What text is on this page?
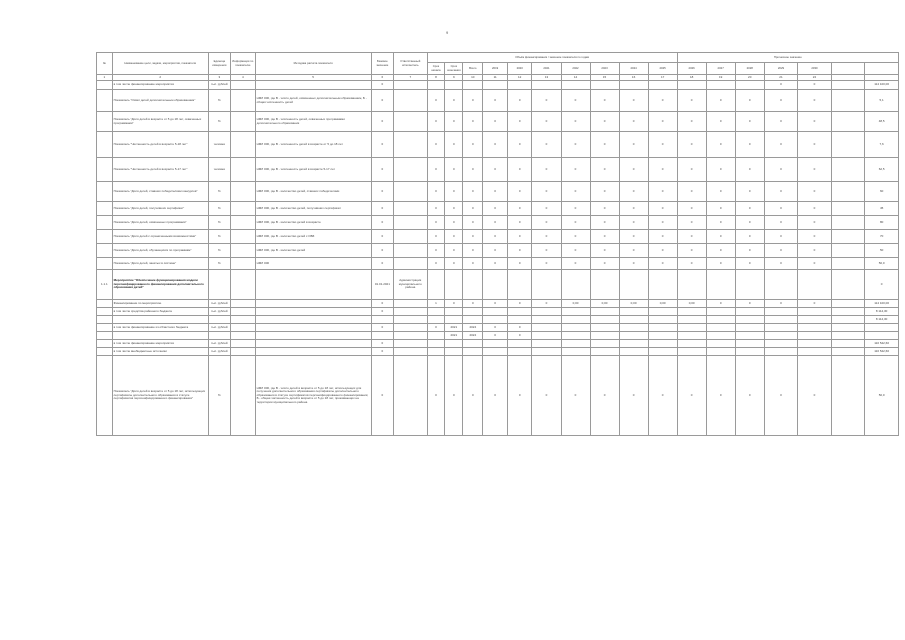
9
№	Наименование цели, задачи, мероприятия, показателя	Единица измерения	Информация по показателю	Методика расчёта показателя	Базовое значение	Ответственный исполнитель	Объём финансирования / значение показателя по годам										Прогнозное значение						
							Срок начала	Срок окончания	Всего	2019	2020	2021	2022	2023	2024	2025	2026	2027	2028	2029	2030		
1	2	3	4	5	6	7	8	9	10	11	12	13	14	15	16	17	18	19	20	21	22		
	в том числе финансирование мероприятия	тыс. рублей			0															0	0		114 100,00
	Показатель "Охват детей дополнительным образованием"	%		НМЛ 000, где В - число детей, охваченных дополнительным образованием, Б - общая численность детей	0		0	0	0	0	0	0	0	0	0	0	0	0	0	0	0		5,1
	Показатель "Доля детей в возрасте от 5 до 18 лет, охваченных программами"	%		НМЛ 000, где В - численность детей, охваченных программами дополнительного образования	0		0	0	0	0	0	0	0	0	0	0	0	0	0	0	0		48,5
	Показатель "Численность детей в возрасте 5-18 лет"	человек		НМЛ 000, где В - численность детей в возрасте от 5 до 18 лет	0		0	0	0	0	0	0	0	0	0	0	0	0	0	0	0		7,6
	Показатель "Численность детей в возрасте 5-17 лет"	человек		НМЛ 000, где В - численность детей в возрасте 5-17 лет	0		0	0	0	0	0	0	0	0	0	0	0	0	0	0	0		62,5
	Показатель "Доля детей, ставших победителями конкурсов"	%		НМЛ 000, где В - количество детей, ставших победителями	0		0	0	0	0	0	0	0	0	0	0	0	0	0	0	0		60
	Показатель "Доля детей, получивших сертификат"	%		НМЛ 000, где В - количество детей, получивших сертификат	0		0	0	0	0	0	0	0	0	0	0	0	0	0	0	0		45
	Показатель "Доля детей, охваченных программами"	%		НМЛ 000, где В - количество детей в возрасте	0		0	0	0	0	0	0	0	0	0	0	0	0	0	0	0		80
	Показатель "Доля детей с ограниченными возможностями"	%		НМЛ 000, где В - количество детей с ОВЗ	0		0	0	0	0	0	0	0	0	0	0	0	0	0	0	0		70
	Показатель "Доля детей, обучающихся по программам"	%		НМЛ 000, где В - количество детей	0		0	0	0	0	0	0	0	0	0	0	0	0	0	0	0		50
	Показатель "Доля детей, занятых в системе"	%		НМЛ 000	0		0	0	0	0	0	0	0	0	0	0	0	0	0	0	0		50,0
1.1.1	Мероприятие "Обеспечение функционирования модели персонифицированного финансирования дополнительного образования детей"				01.01.2021	Администрация муниципального района																	0
	Финансирование по мероприятию	тыс. рублей			0		1	0	0	0	0	0	0,00	0,00	0,00	0,00	0,00	0	0	0	0		114 100,00
	в том числе средства районного бюджета	тыс. рублей			0																		8 114,30
																							8 114,30
	в том числе финансирование из областного бюджета	тыс. рублей			0		0	2021	2024	0	0												
								2021	2024	0	0												
	в том числе финансирование мероприятия	тыс. рублей			0																		110 542,60
	в том числе внебюджетные источники	тыс. рублей			0																		110 542,60
	Показатель "Доля детей в возрасте от 5 до 18 лет, использующих сертификаты дополнительного образования в статусе сертификатов персонифицированного финансирования"	%		НМЛ 000, где В - число детей в возрасте от 5 до 18 лет, использующих для получения дополнительного образования сертификаты дополнительного образования в статусе сертификатов персонифицированного финансирования; Б - общая численность детей в возрасте от 5 до 18 лет, проживающих на территории муниципального района	0		0	0	0	0	0	0	0	0	0	0	0	0	0	0	0		50,0
